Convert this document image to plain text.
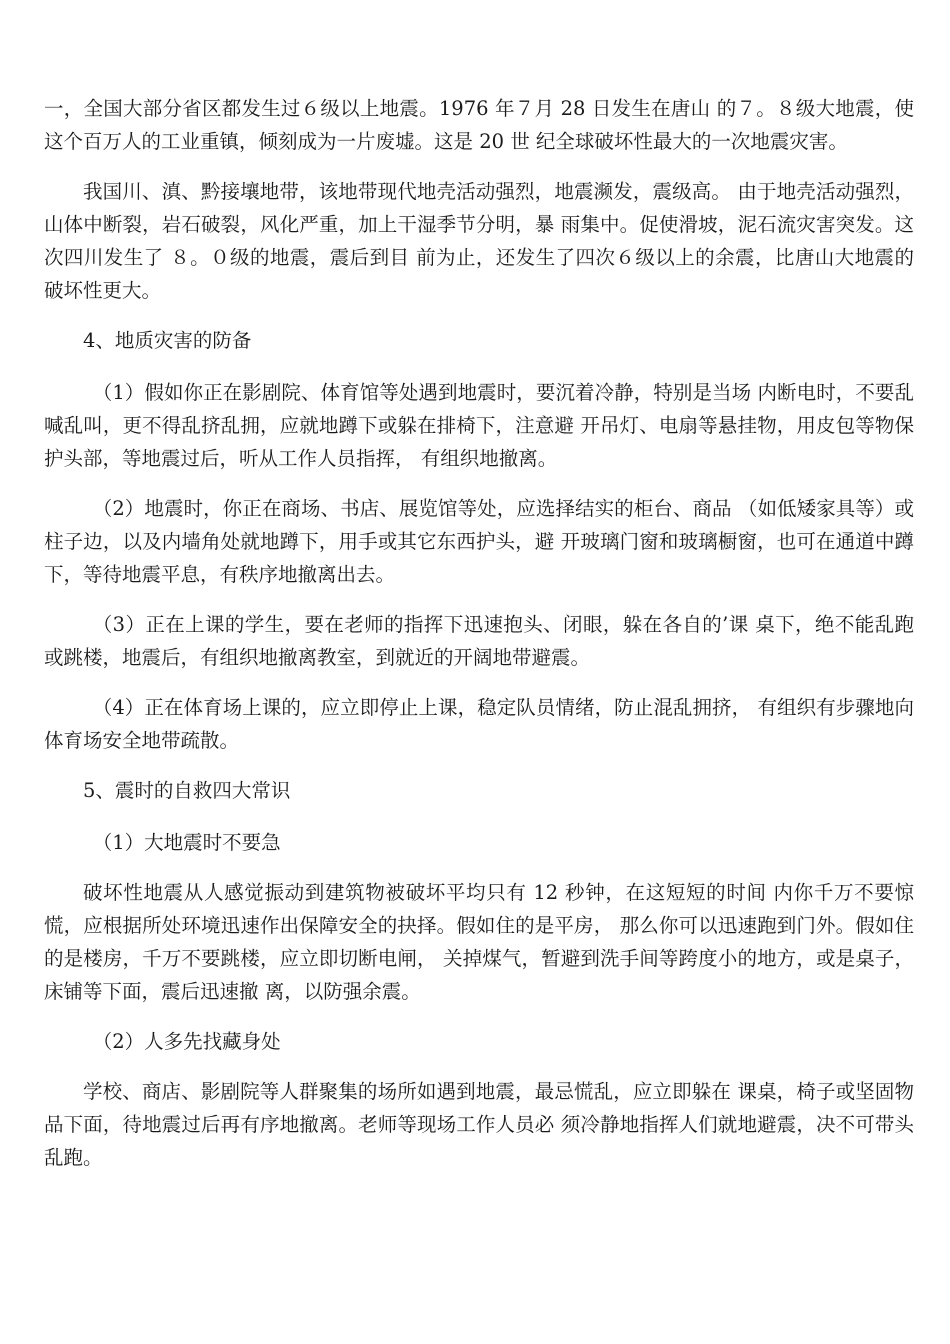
一，全国大部分省区都发生过６级以上地震。1976 年７月 28 日发生在唐山 的７。８级大地震，使这个百万人的工业重镇，倾刻成为一片废墟。这是 20 世 纪全球破坏性最大的一次地震灾害。

我国川、滇、黔接壤地带，该地带现代地壳活动强烈，地震濒发，震级高。 由于地壳活动强烈，山体中断裂，岩石破裂，风化严重，加上干湿季节分明，暴 雨集中。促使滑坡，泥石流灾害突发。这次四川发生了 ８。０级的地震，震后到目 前为止，还发生了四次６级以上的余震，比唐山大地震的破坏性更大。

4、地质灾害的防备

（1）假如你正在影剧院、体育馆等处遇到地震时，要沉着冷静，特别是当场 内断电时，不要乱喊乱叫，更不得乱挤乱拥，应就地蹲下或躲在排椅下，注意避 开吊灯、电扇等悬挂物，用皮包等物保护头部，等地震过后，听从工作人员指挥， 有组织地撤离。

（2）地震时，你正在商场、书店、展览馆等处，应选择结实的柜台、商品 （如低矮家具等）或柱子边，以及内墙角处就地蹲下，用手或其它东西护头，避 开玻璃门窗和玻璃橱窗，也可在通道中蹲下，等待地震平息，有秩序地撤离出去。

（3）正在上课的学生，要在老师的指挥下迅速抱头、闭眼，躲在各自的’课 桌下，绝不能乱跑或跳楼，地震后，有组织地撤离教室，到就近的开阔地带避震。

（4）正在体育场上课的，应立即停止上课，稳定队员情绪，防止混乱拥挤， 有组织有步骤地向体育场安全地带疏散。

5、震时的自救四大常识

（1）大地震时不要急

破坏性地震从人感觉振动到建筑物被破坏平均只有 12 秒钟，在这短短的时间 内你千万不要惊慌，应根据所处环境迅速作出保障安全的抉择。假如住的是平房， 那么你可以迅速跑到门外。假如住的是楼房，千万不要跳楼，应立即切断电闸， 关掉煤气，暂避到洗手间等跨度小的地方，或是桌子，床铺等下面，震后迅速撤 离，以防强余震。

（2）人多先找藏身处

学校、商店、影剧院等人群聚集的场所如遇到地震，最忌慌乱，应立即躲在 课桌，椅子或坚固物品下面，待地震过后再有序地撤离。老师等现场工作人员必 须冷静地指挥人们就地避震，决不可带头乱跑。
